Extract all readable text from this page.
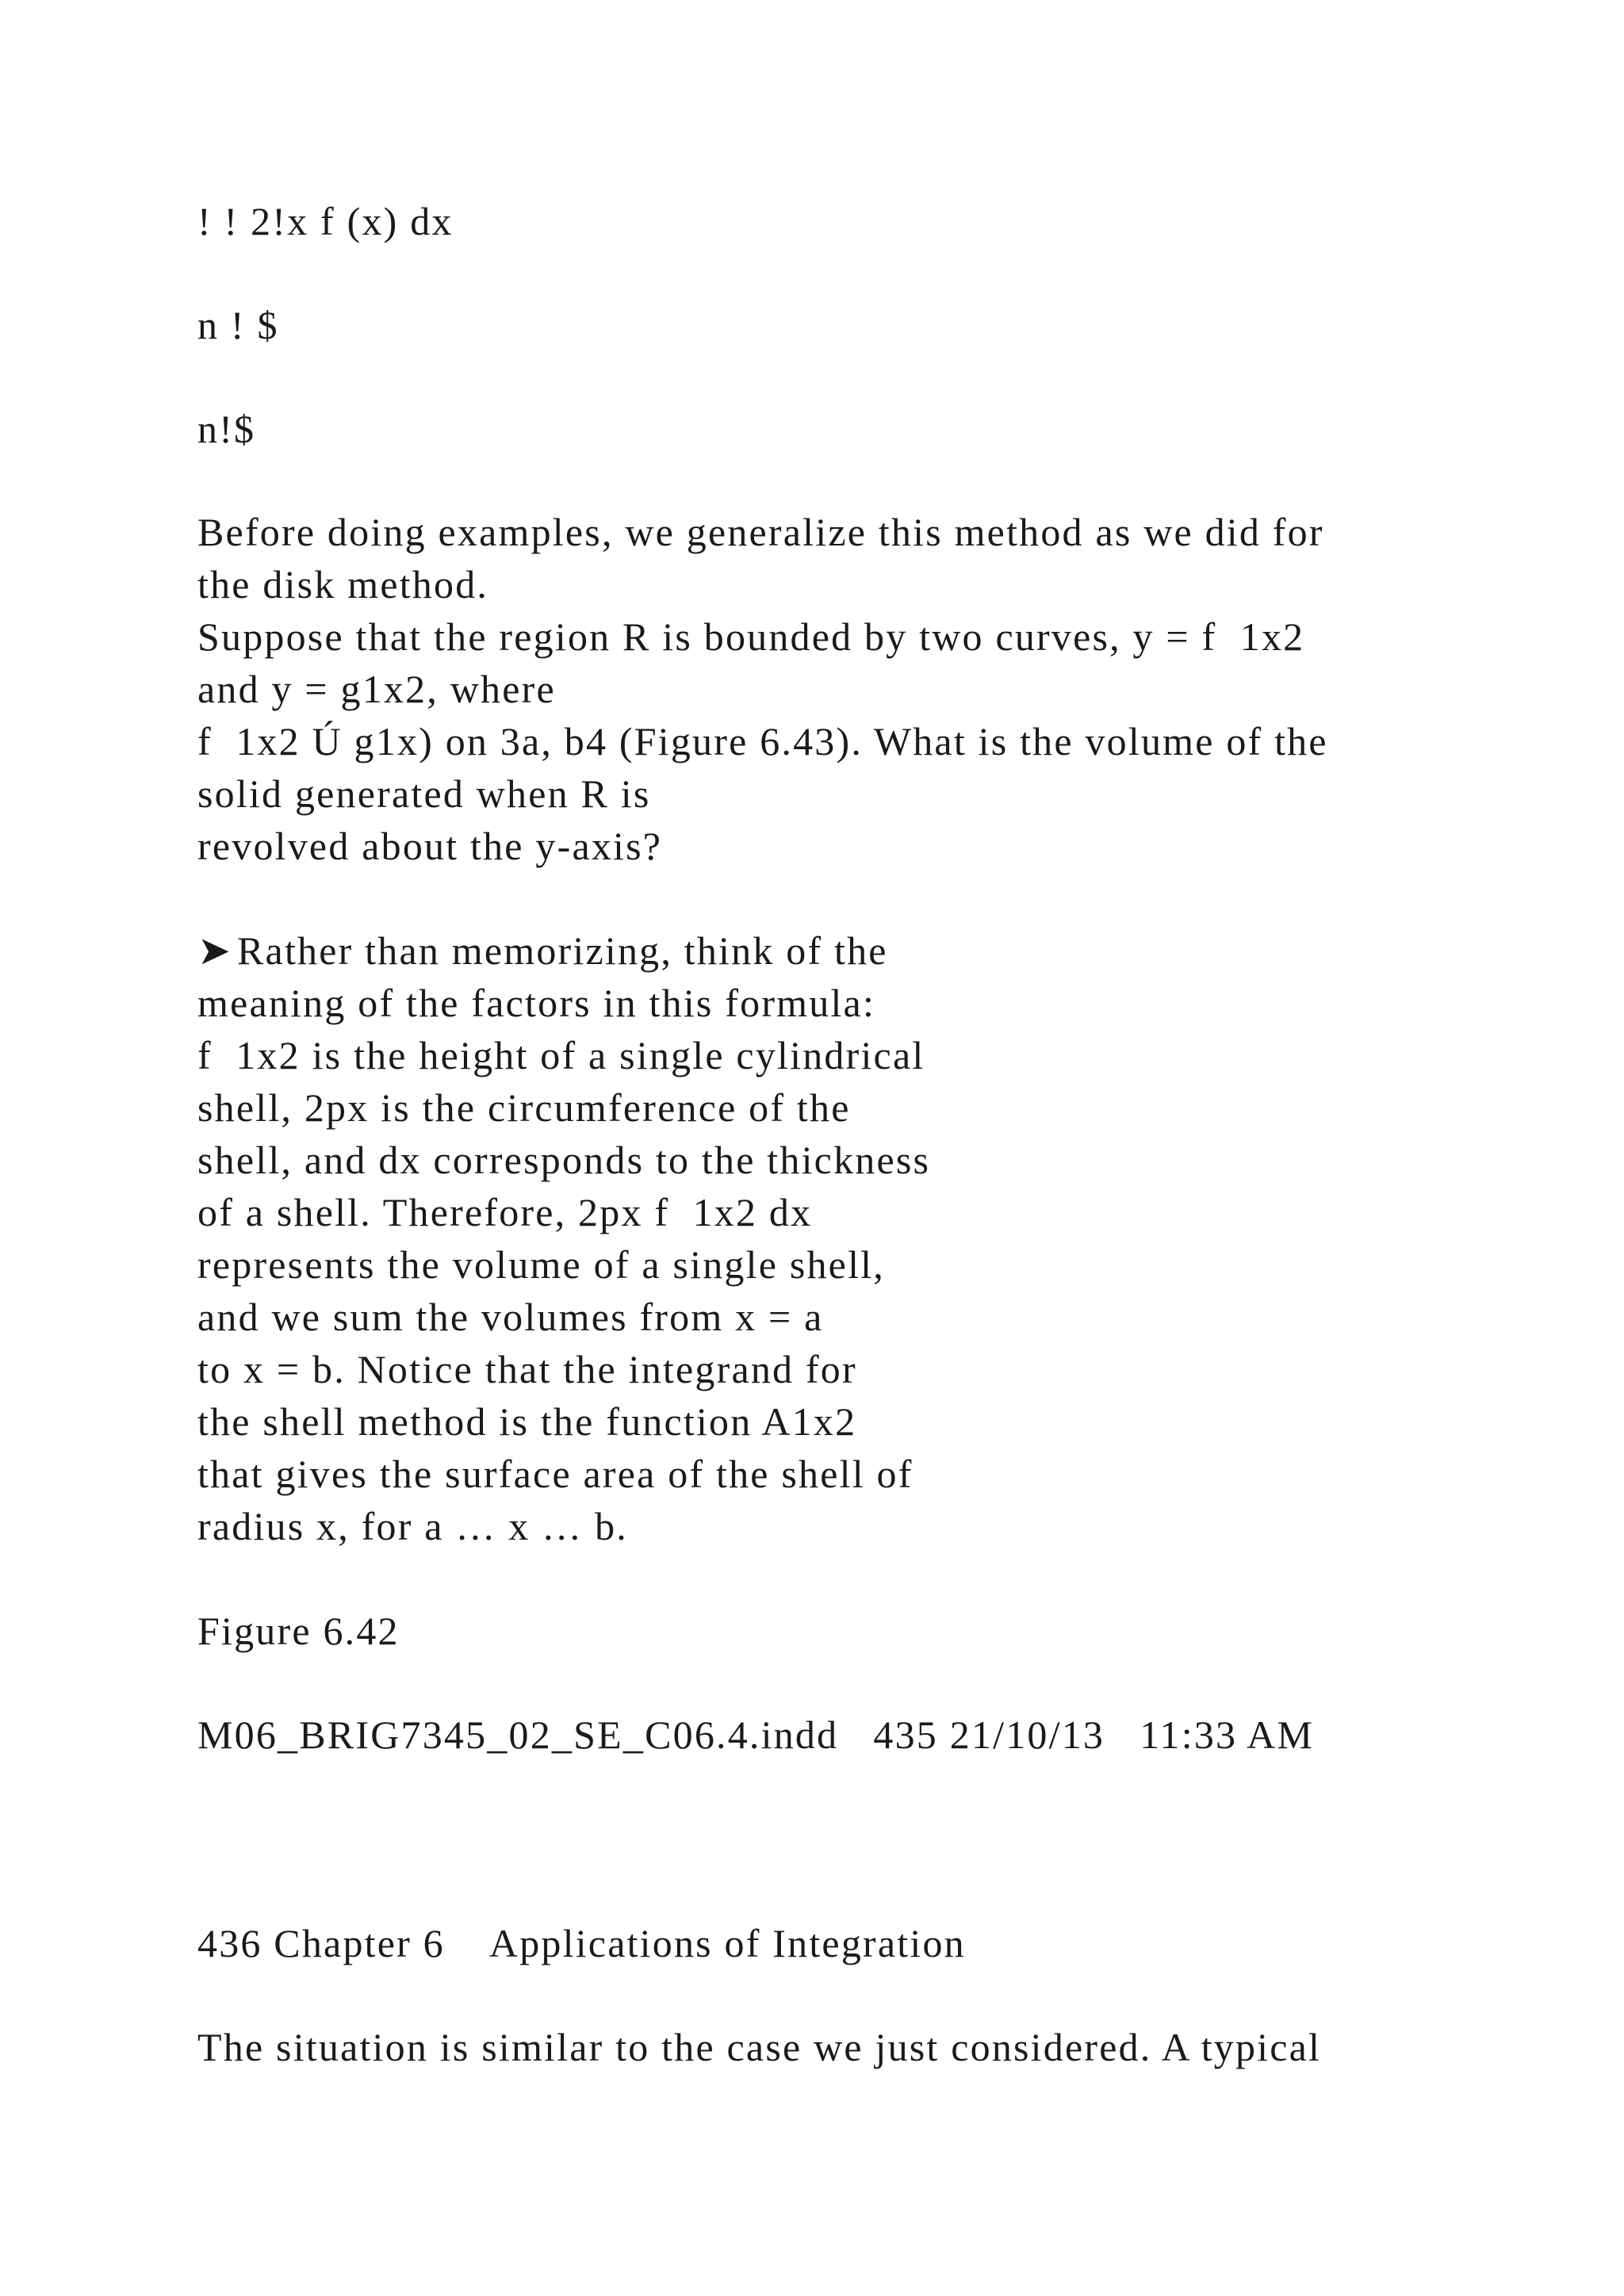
! ! 2!x f (x) dx
n ! $
n!$
Before doing examples, we generalize this method as we did for
the disk method.
Suppose that the region R is bounded by two curves, y = f  1x2
and y = g1x2, where
f  1x2 Ú g1x) on 3a, b4 (Figure 6.43). What is the volume of the
solid generated when R is
revolved about the y-axis?
➤ Rather than memorizing, think of the
meaning of the factors in this formula:
f  1x2 is the height of a single cylindrical
shell, 2px is the circumference of the
shell, and dx corresponds to the thickness
of a shell. Therefore, 2px f  1x2 dx
represents the volume of a single shell,
and we sum the volumes from x = a
to x = b. Notice that the integrand for
the shell method is the function A1x2
that gives the surface area of the shell of
radius x, for a … x … b.
Figure 6.42
M06_BRIG7345_02_SE_C06.4.indd   435 21/10/13   11:33 AM
436 Chapter 6    Applications of Integration
The situation is similar to the case we just considered. A typical
